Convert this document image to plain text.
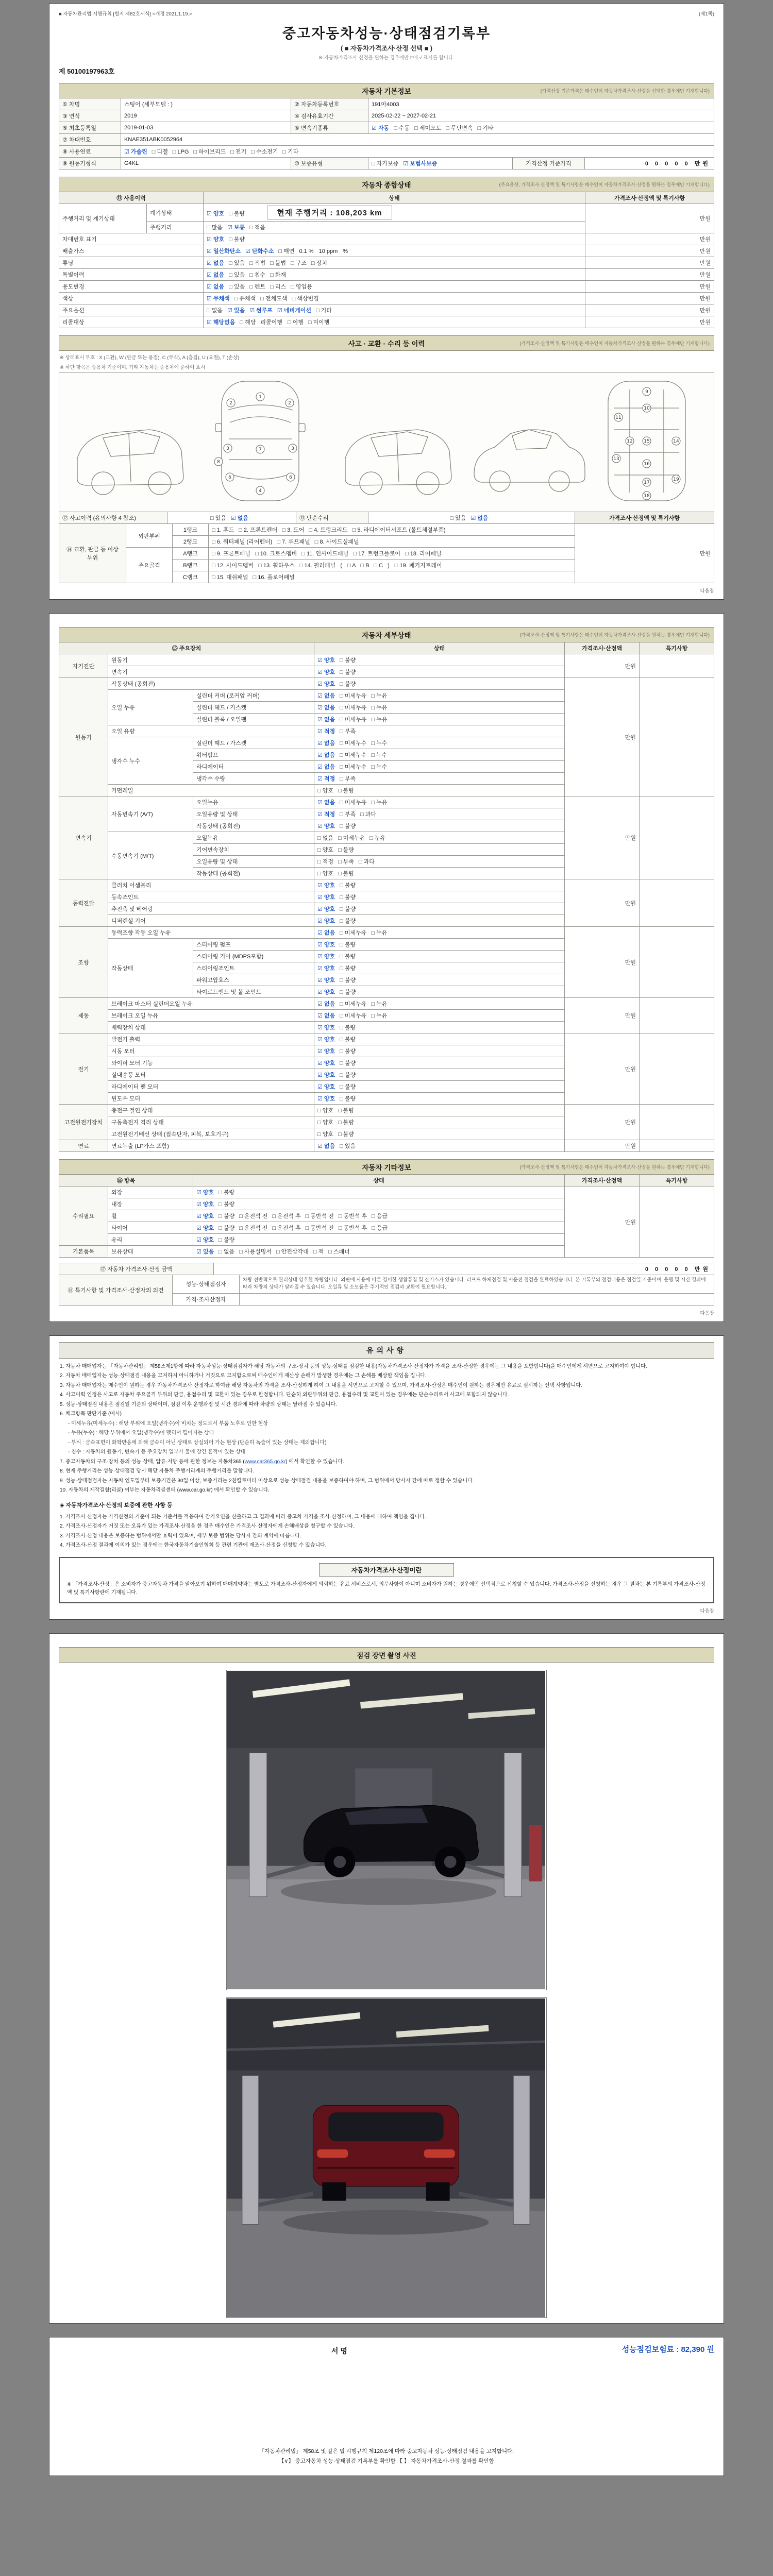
(제1쪽)
■ 자동차관리법 시행규칙 [별지 제82호서식] <개정 2021.1.19.>
중고자동차성능·상태점검기록부
( ■ 자동차가격조사·산정 선택 ■ )
※ 자동차가격조사·산정을 원하는 경우에만 □에 √ 표시를 합니다.
제 50100197963호
자동차 기본정보	(가격산정 기준가격은 매수인이 자동차가격조사·산정을 선택한 경우에만 기재합니다)
① 차명	스팅어 (세부모델 : )	② 자동차등록번호	191마4003		
③ 연식	2019	④ 검사유효기간	2025-02-22 ~ 2027-02-21		
⑤ 최초등록일	2019-01-03	⑥ 변속기종류	☑ 자동 □ 수동 □ 세미오토 □ 무단변속 □ 기타		
⑦ 차대번호	KNAE351ABK0052964				
⑧ 사용연료	☑ 가솔린 □ 디젤 □ LPG □ 하이브리드 □ 전기 □ 수소전기 □ 기타				
⑨ 원동기형식	G4KL	⑩ 보증유형	□ 자가보증 ☑ 보험사보증	가격산정 기준가격	0 0 0 0 0 만원
자동차 종합상태	(주요옵션, 가격조사·산정액 및 특기사항은 매수인이 자동차가격조사·산정을 원하는 경우에만 기재합니다)
⑪ 사용이력		상태	가격조사·산정액 및 특기사항
주행거리 및 계기상태	계기상태	☑ 양호 □ 불량 현재 주행거리 : 108,203 km	만원
	주행거리	□ 많음 ☑ 보통 □ 적음	
차대번호 표기		☑ 양호 □ 불량	만원
배출가스		☑ 일산화탄소 ☑ 탄화수소 □ 매연 0.1 % 10 ppm %	만원
튜닝		☑ 없음 □ 있음 □ 적법 □ 불법 □ 구조 □ 장치	만원
특별이력		☑ 없음 □ 있음 □ 침수 □ 화재	만원
용도변경		☑ 없음 □ 있음 □ 렌트 □ 리스 □ 영업용	만원
색상		☑ 무채색 □ 유채색 □ 전체도색 □ 색상변경	만원
주요옵션		□ 없음 ☑ 있음 ☑ 썬루프 ☑ 네비게이션 □ 기타	만원
리콜대상		☑ 해당없음 □ 해당 리콜이행 □ 이행 □ 미이행	만원
사고 · 교환 · 수리 등 이력	(가격조사·산정액 및 특기사항은 매수인이 자동차가격조사·산정을 원하는 경우에만 기재합니다)
※ 상태표시 부호 : X (교환), W (판금 또는 용접), C (부식), A (흠집), U (요철), T (손상)
※ 하단 항목은 승용차 기준이며, 기타 자동차는 승용차에 준하여 표시
1
2	2
3	3
7
6	6
4
8
9
10
11
12
13
14
15
16
17
18
19
⑫ 사고이력 (유의사항 4 참조)	□ 있음 ☑ 없음	⑬ 단순수리	□ 있음 ☑ 없음	가격조사·산정액 및 특기사항
⑭ 교환, 판금 등 이상 부위	외판부위	1랭크	□ 1. 후드 □ 2. 프론트펜더 □ 3. 도어 □ 4. 트렁크리드 □ 5. 라디에이터서포트 (볼트체결부품)	만원
		2랭크	□ 6. 쿼터패널 (리어펜더) □ 7. 루프패널 □ 8. 사이드실패널	
	주요골격	A랭크	□ 9. 프론트패널 □ 10. 크로스멤버 □ 11. 인사이드패널 □ 17. 트렁크플로어 □ 18. 리어패널	
		B랭크	□ 12. 사이드멤버 □ 13. 휠하우스 □ 14. 필러패널 ( □ A □ B □ C ) □ 19. 패키지트레이	
		C랭크	□ 15. 대쉬패널 □ 16. 플로어패널	
다음장
자동차 세부상태	(가격조사·산정액 및 특기사항은 매수인이 자동차가격조사·산정을 원하는 경우에만 기재합니다)
⑮ 주요장치			상태	가격조사·산정액	특기사항
자기진단	원동기		☑ 양호 □ 불량	만원	
	변속기		☑ 양호 □ 불량		
원동기	작동상태 (공회전)		☑ 양호 □ 불량	만원	
	오일 누유	실린더 커버 (로커암 커버)	☑ 없음 □ 미세누유 □ 누유		
		실린더 헤드 / 가스켓	☑ 없음 □ 미세누유 □ 누유		
		실린더 블록 / 오일팬	☑ 없음 □ 미세누유 □ 누유		
	오일 유량		☑ 적정 □ 부족		
	냉각수 누수	실린더 헤드 / 가스켓	☑ 없음 □ 미세누수 □ 누수		
		워터펌프	☑ 없음 □ 미세누수 □ 누수		
		라디에이터	☑ 없음 □ 미세누수 □ 누수		
		냉각수 수량	☑ 적정 □ 부족		
	커먼레일		□ 양호 □ 불량		
변속기	자동변속기 (A/T)	오일누유	☑ 없음 □ 미세누유 □ 누유	만원	
		오일유량 및 상태	☑ 적정 □ 부족 □ 과다		
		작동상태 (공회전)	☑ 양호 □ 불량		
	수동변속기 (M/T)	오일누유	□ 없음 □ 미세누유 □ 누유		
		기어변속장치	□ 양호 □ 불량		
		오일유량 및 상태	□ 적정 □ 부족 □ 과다		
		작동상태 (공회전)	□ 양호 □ 불량		
동력전달	클러치 어셈블리		☑ 양호 □ 불량	만원	
	등속조인트		☑ 양호 □ 불량		
	추진축 및 베어링		☑ 양호 □ 불량		
	디퍼렌셜 기어		☑ 양호 □ 불량		
조향	동력조향 작동 오일 누유		☑ 없음 □ 미세누유 □ 누유	만원	
	작동상태	스티어링 펌프	☑ 양호 □ 불량		
		스티어링 기어 (MDPS포함)	☑ 양호 □ 불량		
		스티어링조인트	☑ 양호 □ 불량		
		파워고압호스	☑ 양호 □ 불량		
		타이로드엔드 및 볼 조인트	☑ 양호 □ 불량		
제동	브레이크 마스터 실린더오일 누유		☑ 없음 □ 미세누유 □ 누유	만원	
	브레이크 오일 누유		☑ 없음 □ 미세누유 □ 누유		
	배력장치 상태		☑ 양호 □ 불량		
전기	발전기 출력		☑ 양호 □ 불량	만원	
	시동 모터		☑ 양호 □ 불량		
	와이퍼 모터 기능		☑ 양호 □ 불량		
	실내송풍 모터		☑ 양호 □ 불량		
	라디에이터 팬 모터		☑ 양호 □ 불량		
	윈도우 모터		☑ 양호 □ 불량		
고전원전기장치	충전구 절연 상태		□ 양호 □ 불량	만원	
	구동축전지 격리 상태		□ 양호 □ 불량		
	고전원전기배선 상태 (접속단자, 피복, 보호기구)		□ 양호 □ 불량		
연료	연료누출 (LP가스 포함)		☑ 없음 □ 있음	만원	
자동차 기타정보	(가격조사·산정액 및 특기사항은 매수인이 자동차가격조사·산정을 원하는 경우에만 기재합니다)
⑯ 항목		상태	가격조사·산정액	특기사항
수리필요	외장	☑ 양호 □ 불량	만원	
	내장	☑ 양호 □ 불량		
	휠	☑ 양호 □ 불량 □ 운전석 전 □ 운전석 후 □ 동반석 전 □ 동반석 후 □ 응급		
	타이어	☑ 양호 □ 불량 □ 운전석 전 □ 운전석 후 □ 동반석 전 □ 동반석 후 □ 응급		
	유리	☑ 양호 □ 불량		
기본품목	보유상태	☑ 있음 □ 없음 □ 사용설명서 □ 안전삼각대 □ 잭 □ 스패너		
⑰ 자동차 가격조사·산정 금액	0 0 0 0 0 만원
⑱ 특기사항 및 가격조사·산정자의 의견	성능·상태점검자	차량 전반적으로 관리상태 양호한 차량입니다. 외판에 사용에 따른 경미한 생활흠집 및 잔기스가 있습니다. 리프트 하체점검 및 시운전 점검을 완료하였습니다. 본 기록부의 점검내용은 점검일 기준이며, 운행 및 시간 경과에 따라 차량의 상태가 달라질 수 있습니다. 오일류 및 소모품은 주기적인 점검과 교환이 필요합니다.
	가격·조사산정자	
다음장
유의사항
1. 자동차 매매업자는 「자동차관리법」 제58조제1항에 따라 자동차성능·상태점검자가 해당 자동차의 구조·장치 등의 성능·상태를 점검한 내용(자동차가격조사·산정자가 가격을 조사·산정한 경우에는 그 내용을 포함합니다)을 매수인에게 서면으로 고지하여야 합니다.
2. 자동차 매매업자는 성능·상태점검 내용을 고지하지 아니하거나 거짓으로 고지함으로써 매수인에게 재산상 손해가 발생한 경우에는 그 손해를 배상할 책임을 집니다.
3. 자동차 매매업자는 매수인이 원하는 경우 자동차가격조사·산정자로 하여금 해당 자동차의 가격을 조사·산정하게 하여 그 내용을 서면으로 고지할 수 있으며, 가격조사·산정은 매수인이 원하는 경우에만 유료로 실시하는 선택 사항입니다.
4. 사고이력 인정은 사고로 자동차 주요골격 부위의 판금, 용접수리 및 교환이 있는 경우로 한정합니다. 단순히 외판부위의 판금, 용접수리 및 교환이 있는 경우에는 단순수리로서 사고에 포함되지 않습니다.
5. 성능·상태점검 내용은 점검일 기준의 상태이며, 점검 이후 운행과정 및 시간 경과에 따라 차량의 상태는 달라질 수 있습니다.
6. 체크항목 판단기준 (예시)
- 미세누유(미세누수) : 해당 부위에 오일(냉각수)이 비치는 정도로서 부품 노후로 인한 현상
- 누유(누수) : 해당 부위에서 오일(냉각수)이 맺혀서 떨어지는 상태
- 부식 : 금속표면이 화학반응에 의해 금속이 아닌 상태로 상실되어 가는 현상 (단순히 녹슬어 있는 상태는 제외합니다)
- 침수 : 자동차의 원동기, 변속기 등 주요장치 일부가 물에 잠긴 흔적이 있는 상태
7. 중고자동차의 구조·장치 등의 성능·상태, 압류·저당 등에 관한 정보는 자동차365 (www.car365.go.kr) 에서 확인할 수 있습니다.
8. 현재 주행거리는 성능·상태점검 당시 해당 자동차 주행거리계의 주행거리를 말합니다.
9. 성능·상태점검자는 자동차 인도일부터 보증기간은 30일 이상, 보증거리는 2천킬로미터 이상으로 성능·상태점검 내용을 보증하여야 하며, 그 범위에서 당사자 간에 따로 정할 수 있습니다.
10. 자동차의 제작결함(리콜) 여부는 자동차리콜센터 (www.car.go.kr) 에서 확인할 수 있습니다.
◈ 자동차가격조사·산정의 보증에 관한 사항 등
1. 가격조사·산정자는 가격산정의 기준이 되는 기준서를 적용하여 감가요인을 산출하고 그 결과에 따라 중고차 가격을 조사·산정하며, 그 내용에 대하여 책임을 집니다.
2. 가격조사·산정자가 거짓 또는 오류가 있는 가격조사·산정을 한 경우 매수인은 가격조사·산정자에게 손해배상을 청구할 수 있습니다.
3. 가격조사·산정 내용은 보증하는 범위에서만 효력이 있으며, 세부 보증 범위는 당사자 간의 계약에 따릅니다.
4. 가격조사·산정 결과에 이의가 있는 경우에는 한국자동차기술인협회 등 관련 기관에 재조사·산정을 신청할 수 있습니다.
자동차가격조사·산정이란
※ 「가격조사·산정」은 소비자가 중고자동차 가격을 알아보기 위하여 매매계약과는 별도로 가격조사·산정자에게 의뢰하는 유료 서비스로서, 의무사항이 아니며 소비자가 원하는 경우에만 선택적으로 신청할 수 있습니다. 가격조사·산정을 신청하는 경우 그 결과는 본 기록부의 가격조사·산정액 및 특기사항란에 기재됩니다.
다음장
점검 장면 촬영 사진
서명	성능점검보험료 : 82,390 원
「자동차관리법」 제58조 및 같은 법 시행규칙 제120조에 따라 중고자동차 성능·상태점검 내용을 고지합니다.
【∨】 중고자동차 성능·상태점검 기록부를 확인함 【 】 자동차가격조사·산정 결과를 확인함
